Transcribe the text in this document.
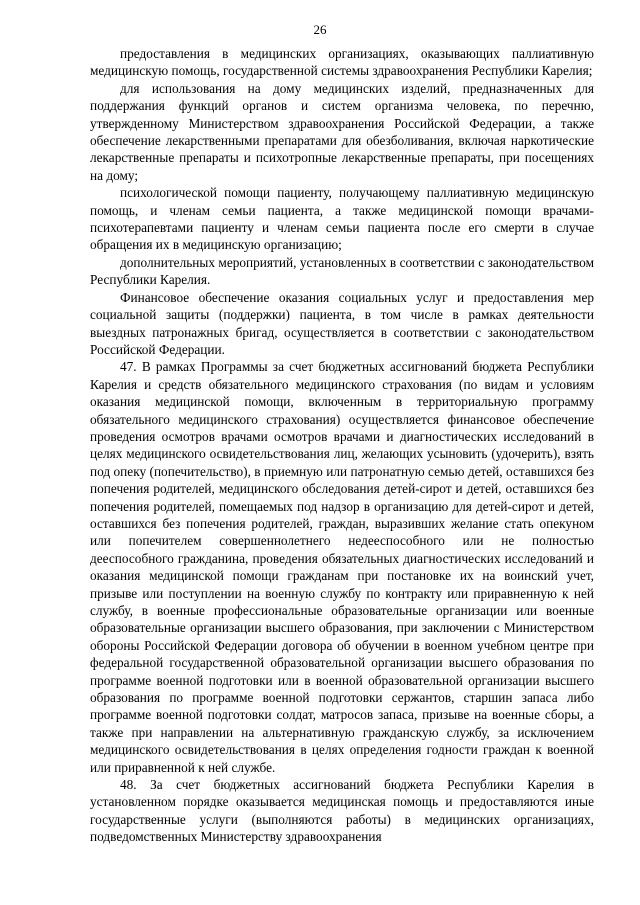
26

предоставления в медицинских организациях, оказывающих паллиативную медицинскую помощь, государственной системы здравоохранения Республики Карелия;

для использования на дому медицинских изделий, предназначенных для поддержания функций органов и систем организма человека, по перечню, утвержденному Министерством здравоохранения Российской Федерации, а также обеспечение лекарственными препаратами для обезболивания, включая наркотические лекарственные препараты и психотропные лекарственные препараты, при посещениях на дому;

психологической помощи пациенту, получающему паллиативную медицинскую помощь, и членам семьи пациента, а также медицинской помощи врачами-психотерапевтами пациенту и членам семьи пациента после его смерти в случае обращения их в медицинскую организацию;

дополнительных мероприятий, установленных в соответствии с законодательством Республики Карелия.

Финансовое обеспечение оказания социальных услуг и предоставления мер социальной защиты (поддержки) пациента, в том числе в рамках деятельности выездных патронажных бригад, осуществляется в соответствии с законодательством Российской Федерации.

47. В рамках Программы за счет бюджетных ассигнований бюджета Республики Карелия и средств обязательного медицинского страхования (по видам и условиям оказания медицинской помощи, включенным в территориальную программу обязательного медицинского страхования) осуществляется финансовое обеспечение проведения осмотров врачами осмотров врачами и диагностических исследований в целях медицинского освидетельствования лиц, желающих усыновить (удочерить), взять под опеку (попечительство), в приемную или патронатную семью детей, оставшихся без попечения родителей, медицинского обследования детей-сирот и детей, оставшихся без попечения родителей, помещаемых под надзор в организацию для детей-сирот и детей, оставшихся без попечения родителей, граждан, выразивших желание стать опекуном или попечителем совершеннолетнего недееспособного или не полностью дееспособного гражданина, проведения обязательных диагностических исследований и оказания медицинской помощи гражданам при постановке их на воинский учет, призыве или поступлении на военную службу по контракту или приравненную к ней службу, в военные профессиональные образовательные организации или военные образовательные организации высшего образования, при заключении с Министерством обороны Российской Федерации договора об обучении в военном учебном центре при федеральной государственной образовательной организации высшего образования по программе военной подготовки или в военной образовательной организации высшего образования по программе военной подготовки сержантов, старшин запаса либо программе военной подготовки солдат, матросов запаса, призыве на военные сборы, а также при направлении на альтернативную гражданскую службу, за исключением медицинского освидетельствования в целях определения годности граждан к военной или приравненной к ней службе.

48. За счет бюджетных ассигнований бюджета Республики Карелия в установленном порядке оказывается медицинская помощь и предоставляются иные государственные услуги (выполняются работы) в медицинских организациях, подведомственных Министерству здравоохранения
